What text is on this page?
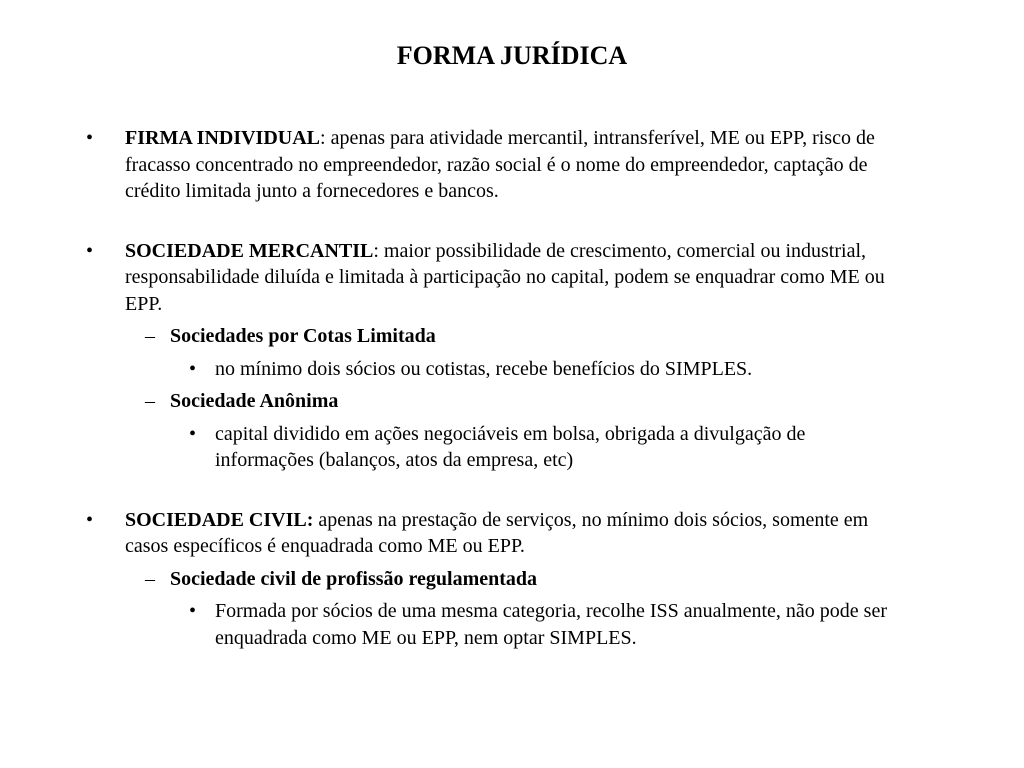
FORMA JURÍDICA
• FIRMA INDIVIDUAL: apenas para atividade mercantil, intransferível, ME ou EPP, risco de fracasso concentrado no empreendedor, razão social é o nome do empreendedor, captação de crédito limitada junto a fornecedores e bancos.
• SOCIEDADE MERCANTIL: maior possibilidade de crescimento, comercial ou industrial, responsabilidade diluída e limitada à participação no capital, podem se enquadrar como ME ou EPP.
– Sociedades por Cotas Limitada
• no mínimo dois sócios ou cotistas, recebe benefícios do SIMPLES.
– Sociedade Anônima
• capital dividido em ações negociáveis em bolsa, obrigada a divulgação de informações (balanços, atos da empresa, etc)
• SOCIEDADE CIVIL: apenas na prestação de serviços, no mínimo dois sócios, somente em casos específicos é enquadrada como ME ou EPP.
– Sociedade civil de profissão regulamentada
• Formada por sócios de uma mesma categoria, recolhe ISS anualmente, não pode ser enquadrada como ME ou EPP, nem optar SIMPLES.
